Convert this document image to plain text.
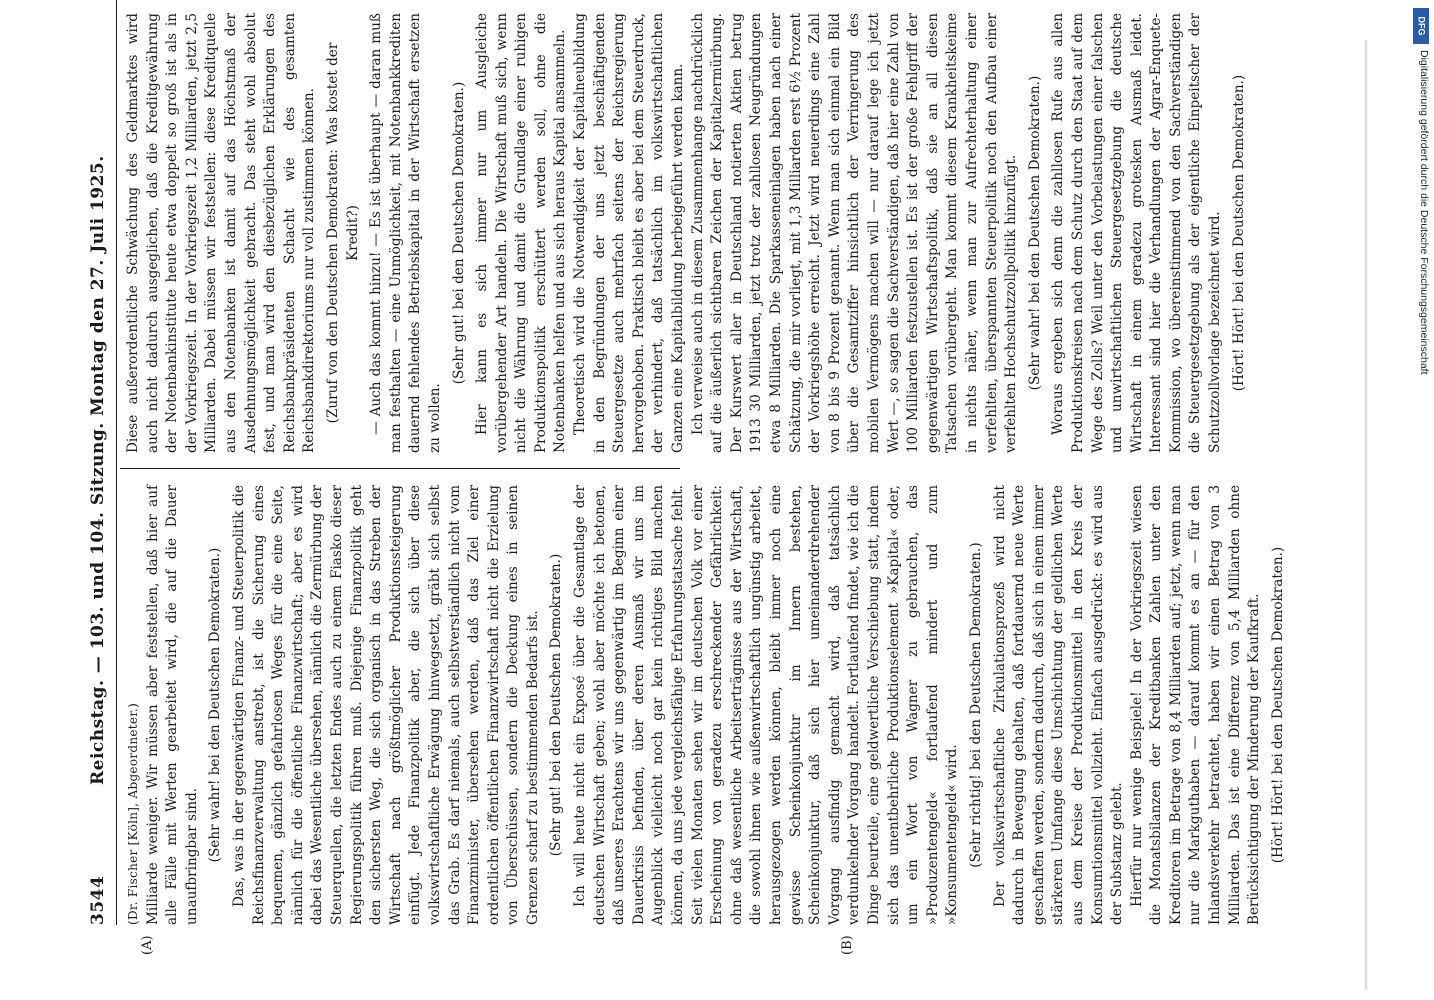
3544
Reichstag. — 103. und 104. Sitzung. Montag den 27. Juli 1925.

(Dr. Fischer [Köln], Abgeordneter.) Milliarde weniger. Wir müssen aber feststellen, daß hier auf alle Fälle mit Werten gearbeitet wird, die auf die Dauer unaufbringbar sind. (Sehr wahr! bei den Deutschen Demokraten.) Das, was in der gegenwärtigen Finanz- und Steuerpolitik die Reichsfinanzverwaltung anstrebt, ist die Sicherung eines bequemen, gänzlich gefahrlosen Weges für die eine Seite, nämlich für die öffentliche Finanzwirtschaft; aber es wird dabei das Wesentliche übersehen, nämlich die Zermürbung der Steuerquellen, die letzten Endes auch zu einem Fiasko dieser Regierungspolitik führen muß. Diejenige Finanzpolitik geht den sichersten Weg, die sich organisch in das Streben der Wirtschaft nach größtmöglicher Produktionssteigerung einfügt. Jede Finanzpolitik aber, die sich über diese volkswirtschaftliche Erwägung hinwegsetzt, gräbt sich selbst das Grab. Es darf niemals, auch selbstverständlich nicht vom Finanzminister, übersehen werden, daß das Ziel einer ordentlichen öffentlichen Finanzwirtschaft nicht die Erzielung von Überschüssen, sondern die Deckung eines in seinen Grenzen scharf zu bestimmenden Bedarfs ist. (Sehr gut! bei den Deutschen Demokraten.) Ich will heute nicht ein Exposé über die Gesamtlage der deutschen Wirtschaft geben; wohl aber möchte ich betonen, daß unseres Erachtens wir uns gegenwärtig im Beginn einer Dauerkrisis befinden, über deren Ausmaß wir uns im Augenblick vielleicht noch gar kein richtiges Bild machen können, da uns jede vergleichsfähige Erfahrungstatsache fehlt. Seit vielen Monaten sehen wir im deutschen Volk vor einer Erscheinung von geradezu erschreckender Gefährlichkeit: ohne daß wesentliche Arbeitserträgnisse aus der Wirtschaft, die sowohl ihnen wie außenwirtschaftlich ungünstig arbeitet, herausgezogen werden können, bleibt immer noch eine gewisse Scheinkonjunktur im Innern bestehen, Scheinkonjunktur, daß sich hier umeinanderdrehender Vorgang ausfindig gemacht wird, daß tatsächlich verdunkelnder Vorgang handelt. Fortlaufend findet, wie ich die Dinge beurteile, eine geldwertliche Verschiebung statt, indem sich das unentbehrliche Produktionselement »Kapital« oder, um ein Wort von Wagner zu gebrauchen, das »Produzentengeld« fortlaufend mindert und zum »Konsumentengeld« wird. (Sehr richtig! bei den Deutschen Demokraten.) Der volkswirtschaftliche Zirkulationsprozeß wird nicht dadurch in Bewegung gehalten, daß fortdauernd neue Werte geschaffen werden, sondern dadurch, daß sich in einem immer stärkeren Umfange diese Umschichtung der geldlichen Werte aus dem Kreise der Produktionsmittel in den Kreis der Konsumtionsmittel vollzieht. Einfach ausgedrückt: es wird aus der Substanz gelebt. Hierfür nur wenige Beispiele! In der Vorkriegszeit wiesen die Monatsbilanzen der Kreditbanken Zahlen unter den Kreditoren im Betrage von 8,4 Milliarden auf; jetzt, wenn man nur die Markguthaben — darauf kommt es an — für den Inlandsverkehr betrachtet, haben wir einen Betrag von 3 Milliarden. Das ist eine Differenz von 5,4 Milliarden ohne Berücksichtigung der Minderung der Kaufkraft. (Hört! Hört! bei den Deutschen Demokraten.)

Diese außerordentliche Schwächung des Geldmarktes wird auch nicht dadurch ausgeglichen, daß die Kreditgewährung der Notenbankinstitute heute etwa doppelt so groß ist als in der Vorkriegszeit. In der Vorkriegszeit 1,2 Milliarden, jetzt 2,5 Milliarden. Dabei müssen wir feststellen: diese Kreditquelle aus den Notenbanken ist damit auf das Höchstmaß der Ausdehnungsmöglichkeit gebracht. Das steht wohl absolut fest, und man wird den diesbezüglichen Erklärungen des Reichsbankpräsidenten Schacht wie des gesamten Reichsbankdirektoriums nur voll zustimmen können. (Zuruf von den Deutschen Demokraten: Was kostet der Kredit?) — Auch das kommt hinzu! — Es ist überhaupt — daran muß man festhalten — eine Unmöglichkeit, mit Notenbankkrediten dauernd fehlendes Betriebskapital in der Wirtschaft ersetzen zu wollen.

(Sehr gut! bei den Deutschen Demokraten.) Hier kann es sich immer nur um Ausgleiche vorübergehender Art handeln. Die Wirtschaft muß sich, wenn nicht die Währung und damit die Grundlage einer ruhigen Produktionspolitik erschüttert werden soll, ohne die Notenbanken helfen und aus sich heraus Kapital ansammeln. Theoretisch wird die Notwendigkeit der Kapitalneubildung in den Begründungen der uns jetzt beschäftigenden Steuergesetze auch mehrfach seitens der Reichsregierung hervorgehoben. Praktisch bleibt es aber bei dem Steuerdruck, der verhindert, daß tatsächlich im volkswirtschaftlichen Ganzen eine Kapitalbildung herbeigeführt werden kann. Ich verweise auch in diesem Zusammenhange nachdrücklich auf die äußerlich sichtbaren Zeichen der Kapitalzermürbung. Der Kurswert aller in Deutschland notierten Aktien betrug 1913 30 Milliarden, jetzt trotz der zahllosen Neugründungen etwa 8 Milliarden. Die Sparkasseneinlagen haben nach einer Schätzung, die mir vorliegt, mit 1,3 Milliarden erst 6½ Prozent der Vorkriegshöhe erreicht. Jetzt wird neuerdings eine Zahl von 8 bis 9 Prozent genannt. Wenn man sich einmal ein Bild über die Gesamtziffer hinsichtlich der Verringerung des mobilen Vermögens machen will — nur darauf lege ich jetzt Wert —, so sagen die Sachverständigen, daß hier eine Zahl von 100 Milliarden festzustellen ist. Es ist der große Fehlgriff der gegenwärtigen Wirtschaftspolitik, daß sie an all diesen Tatsachen vorübergeht. Man kommt diesem Krankheitskeime in nichts näher, wenn man zur Aufrechterhaltung einer verfehlten, überspannten Steuerpolitik noch den Aufbau einer verfehlten Hochschutzzollpolitik hinzufügt. (Sehr wahr! bei den Deutschen Demokraten.) Woraus ergeben sich denn die zahllosen Rufe aus allen Produktionskreisen nach dem Schutz durch den Staat auf dem Wege des Zolls? Weil unter den Vorbelastungen einer falschen und unwirtschaftlichen Steuergesetzgebung die deutsche Wirtschaft in einem geradezu grotesken Ausmaß leidet. Interessant sind hier die Verhandlungen der Agrar-Enquete-Kommission, wo übereinstimmend von den Sachverständigen die Steuergesetzgebung als der eigentliche Einpeitscher der Schutzzollvorlage bezeichnet wird. (Hört! Hört! bei den Deutschen Demokraten.)

(A)	(B)
DFG
Digitalisierung gefördert durch die Deutsche Forschungsgemeinschaft
